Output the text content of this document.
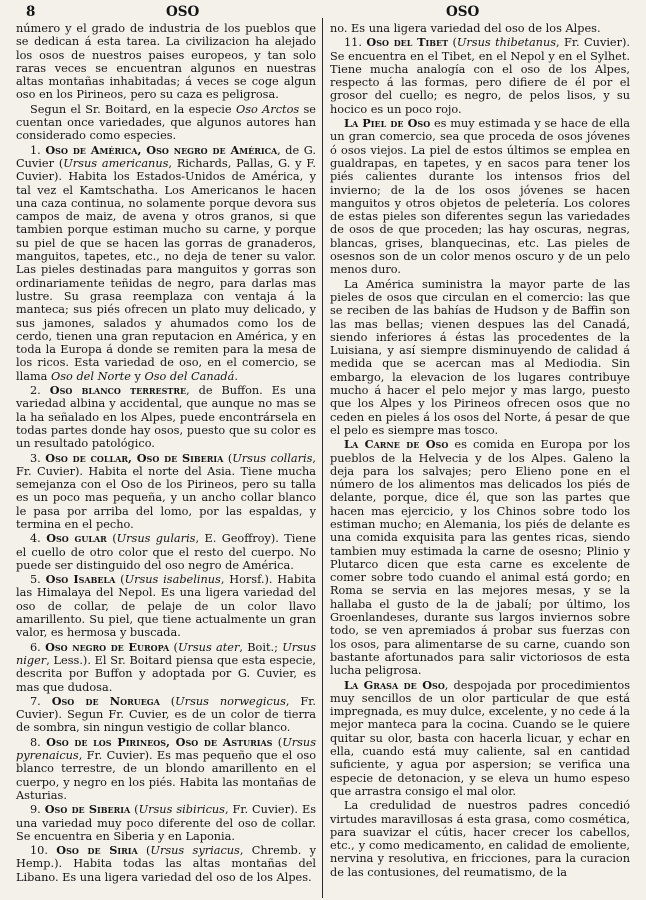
8	OSO	OSO

número y el grado de industria de los pueblos que se dedican á esta tarea. La civilizacion ha alejado los osos de nuestros paises europeos, y tan solo raras veces se encuentran algunos en nuestras altas montañas inhabitadas; á veces se coge algun oso en los Pirineos, pero su caza es peligrosa.

Segun el Sr. Boitard, en la especie Oso Arctos se cuentan once variedades, que algunos autores han considerado como especies.

1. Oso de América, Oso negro de América, de G. Cuvier (Ursus americanus, Richards, Pallas, G. y F. Cuvier). Habita los Estados-Unidos de América, y tal vez el Kamtschatha. Los Americanos le hacen una caza continua, no solamente porque devora sus campos de maiz, de avena y otros granos, si que tambien porque estiman mucho su carne, y porque su piel de que se hacen las gorras de granaderos, manguitos, tapetes, etc., no deja de tener su valor. Las pieles destinadas para manguitos y gorras son ordinariamente teñidas de negro, para darlas mas lustre. Su grasa reemplaza con ventaja á la manteca; sus piés ofrecen un plato muy delicado, y sus jamones, salados y ahumados como los de cerdo, tienen una gran reputacion en América, y en toda la Europa á donde se remiten para la mesa de los ricos. Esta variedad de oso, en el comercio, se llama Oso del Norte y Oso del Canadá.

2. Oso blanco terrestre, de Buffon. Es una variedad albina y accidental, que aunque no mas se la ha señalado en los Alpes, puede encontrársela en todas partes donde hay osos, puesto que su color es un resultado patológico.

3. Oso de collar, Oso de Siberia (Ursus collaris, Fr. Cuvier). Habita el norte del Asia. Tiene mucha semejanza con el Oso de los Pirineos, pero su talla es un poco mas pequeña, y un ancho collar blanco le pasa por arriba del lomo, por las espaldas, y termina en el pecho.

4. Oso gular (Ursus gularis, E. Geoffroy). Tiene el cuello de otro color que el resto del cuerpo. No puede ser distinguido del oso negro de América.

5. Oso Isabela (Ursus isabelinus, Horsf.). Habita las Himalaya del Nepol. Es una ligera variedad del oso de collar, de pelaje de un color llavo amarillento. Su piel, que tiene actualmente un gran valor, es hermosa y buscada.

6. Oso negro de Europa (Ursus ater, Boit.; Ursus niger, Less.). El Sr. Boitard piensa que esta especie, descrita por Buffon y adoptada por G. Cuvier, es mas que dudosa.

7. Oso de Noruega (Ursus norwegicus, Fr. Cuvier). Segun Fr. Cuvier, es de un color de tierra de sombra, sin ningun vestigio de collar blanco.

8. Oso de los Pirineos, Oso de Asturias (Ursus pyrenaicus, Fr. Cuvier). Es mas pequeño que el oso blanco terrestre, de un blondo amarillento en el cuerpo, y negro en los piés. Habita las montañas de Asturias.

9. Oso de Siberia (Ursus sibiricus, Fr. Cuvier). Es una variedad muy poco diferente del oso de collar. Se encuentra en Siberia y en Laponia.

10. Oso de Siria (Ursus syriacus, Chremb. y Hemp.). Habita todas las altas montañas del Libano. Es una ligera variedad del oso de los Alpes.

no. Es una ligera variedad del oso de los Alpes.

11. Oso del Tibet (Ursus thibetanus, Fr. Cuvier). Se encuentra en el Tibet, en el Nepol y en el Sylhet. Tiene mucha analogía con el oso de los Alpes, respecto á las formas, pero difiere de él por el grosor del cuello; es negro, de pelos lisos, y su hocico es un poco rojo.

La Piel de Oso es muy estimada y se hace de ella un gran comercio, sea que proceda de osos jóvenes ó osos viejos. La piel de estos últimos se emplea en gualdrapas, en tapetes, y en sacos para tener los piés calientes durante los intensos frios del invierno; de la de los osos jóvenes se hacen manguitos y otros objetos de peletería. Los colores de estas pieles son diferentes segun las variedades de osos de que proceden; las hay oscuras, negras, blancas, grises, blanquecinas, etc. Las pieles de osesnos son de un color menos oscuro y de un pelo menos duro.

La América suministra la mayor parte de las pieles de osos que circulan en el comercio: las que se reciben de las bahías de Hudson y de Baffin son las mas bellas; vienen despues las del Canadá, siendo inferiores á éstas las procedentes de la Luisiana, y así siempre disminuyendo de calidad á medida que se acercan mas al Mediodia. Sin embargo, la elevacion de los lugares contribuye mucho á hacer el pelo mejor y mas largo, puesto que los Alpes y los Pirineos ofrecen osos que no ceden en pieles á los osos del Norte, á pesar de que el pelo es siempre mas tosco.

La Carne de Oso es comida en Europa por los pueblos de la Helvecia y de los Alpes. Galeno la deja para los salvajes; pero Elieno pone en el número de los alimentos mas delicados los piés de delante, porque, dice él, que son las partes que hacen mas ejercicio, y los Chinos sobre todo los estiman mucho; en Alemania, los piés de delante es una comida exquisita para las gentes ricas, siendo tambien muy estimada la carne de osesno; Plinio y Plutarco dicen que esta carne es excelente de comer sobre todo cuando el animal está gordo; en Roma se servia en las mejores mesas, y se la hallaba el gusto de la de jabalí; por último, los Groenlandeses, durante sus largos inviernos sobre todo, se ven apremiados á probar sus fuerzas con los osos, para alimentarse de su carne, cuando son bastante afortunados para salir victoriosos de esta lucha peligrosa.

La Grasa de Oso, despojada por procedimientos muy sencillos de un olor particular de que está impregnada, es muy dulce, excelente, y no cede á la mejor manteca para la cocina. Cuando se le quiere quitar su olor, basta con hacerla licuar, y echar en ella, cuando está muy caliente, sal en cantidad suficiente, y agua por aspersion; se verifica una especie de detonacion, y se eleva un humo espeso que arrastra consigo el mal olor.

La credulidad de nuestros padres concedió virtudes maravillosas á esta grasa, como cosmética, para suavizar el cútis, hacer crecer los cabellos, etc., y como medicamento, en calidad de emoliente, nervina y resolutiva, en fricciones, para la curacion de las contusiones, del reumatismo, de la
